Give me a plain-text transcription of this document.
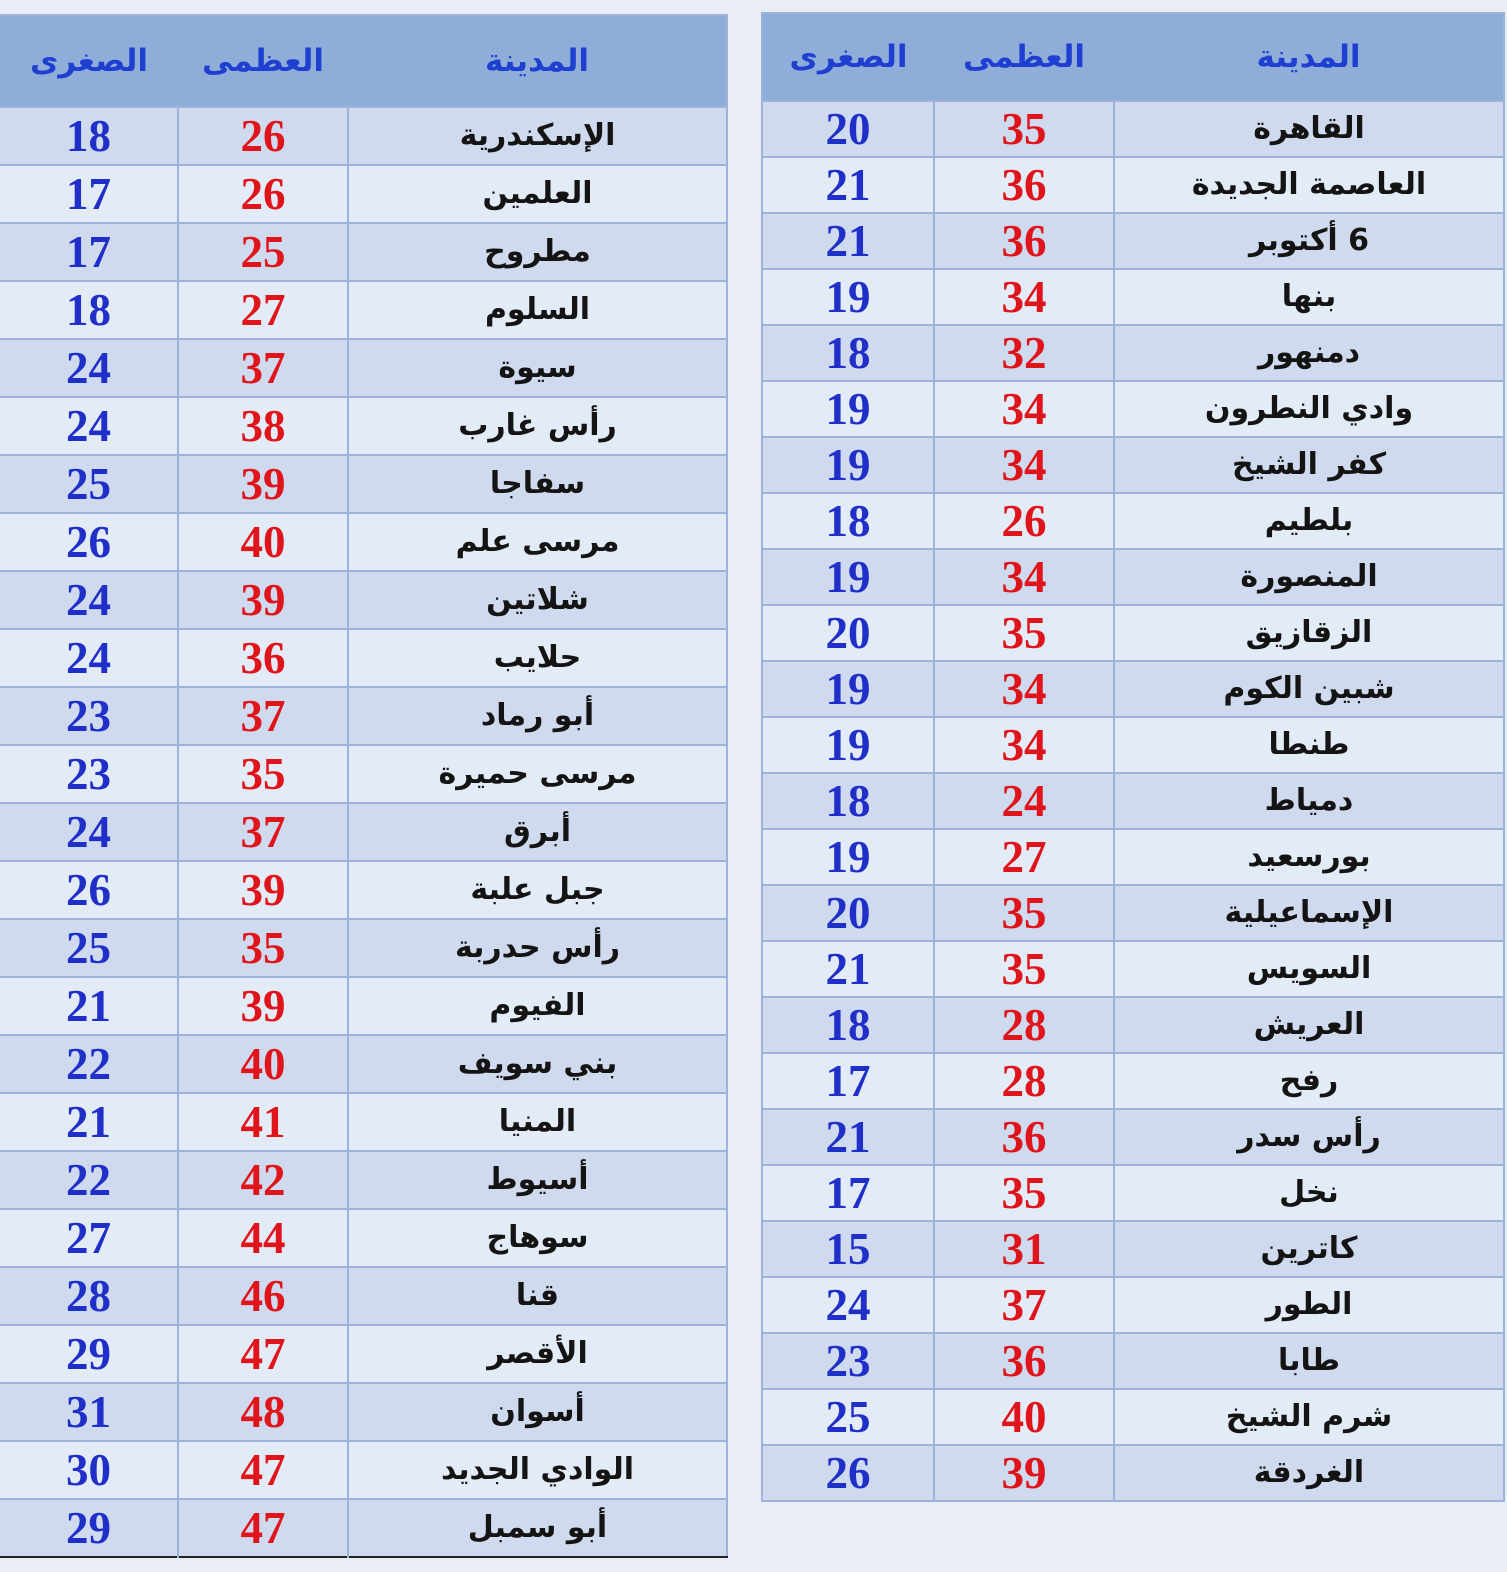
الصغرى	العظمى	المدينة
18	26	الإسكندرية
17	26	العلمين
17	25	مطروح
18	27	السلوم
24	37	سيوة
24	38	رأس غارب
25	39	سفاجا
26	40	مرسى علم
24	39	شلاتين
24	36	حلايب
23	37	أبو رماد
23	35	مرسى حميرة
24	37	أبرق
26	39	جبل علبة
25	35	رأس حدربة
21	39	الفيوم
22	40	بني سويف
21	41	المنيا
22	42	أسيوط
27	44	سوهاج
28	46	قنا
29	47	الأقصر
31	48	أسوان
30	47	الوادي الجديد
29	47	أبو سمبل
الصغرى	العظمى	المدينة
20	35	القاهرة
21	36	العاصمة الجديدة
21	36	6 أكتوبر
19	34	بنها
18	32	دمنهور
19	34	وادي النطرون
19	34	كفر الشيخ
18	26	بلطيم
19	34	المنصورة
20	35	الزقازيق
19	34	شبين الكوم
19	34	طنطا
18	24	دمياط
19	27	بورسعيد
20	35	الإسماعيلية
21	35	السويس
18	28	العريش
17	28	رفح
21	36	رأس سدر
17	35	نخل
15	31	كاترين
24	37	الطور
23	36	طابا
25	40	شرم الشيخ
26	39	الغردقة
